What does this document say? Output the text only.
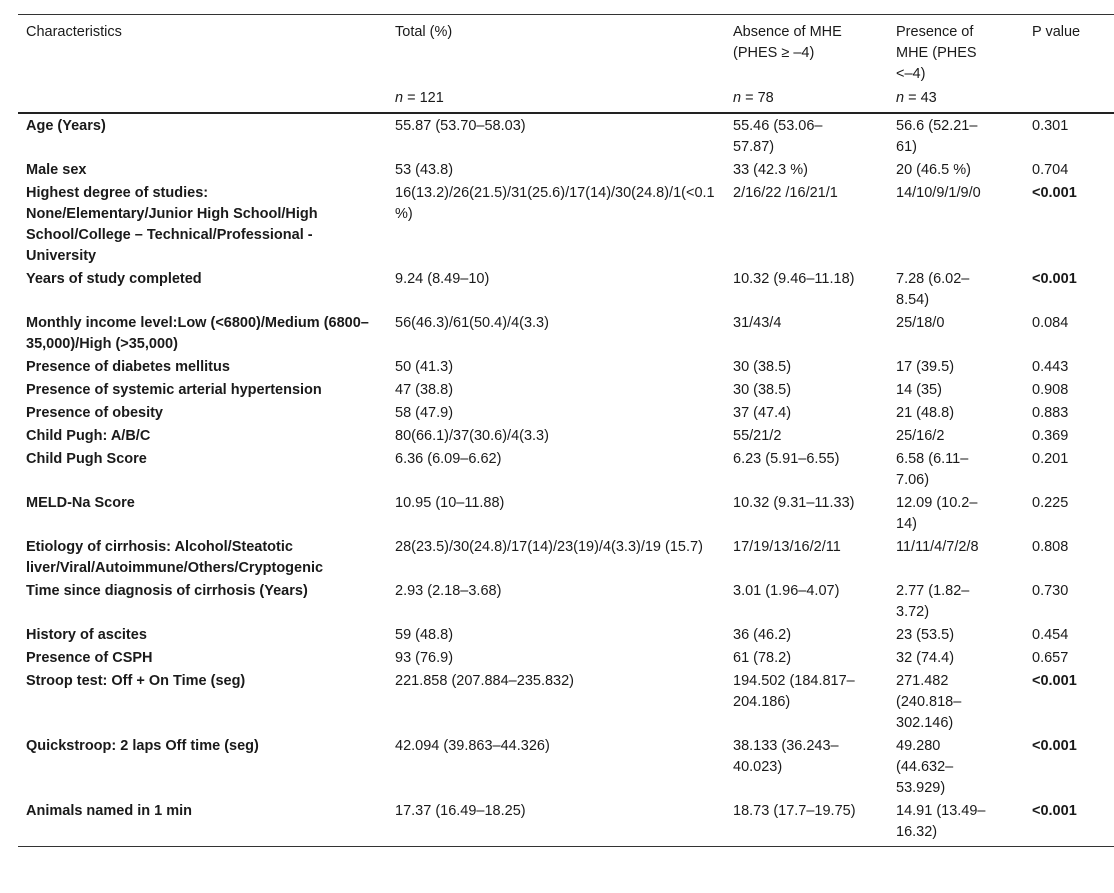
Characteristics	Total (%)	Absence of MHE (PHES ≥ –4)	Presence of MHE (PHES <–4)	P value
	n = 121	n = 78	n = 43	
Age (Years)	55.87 (53.70–58.03)	55.46 (53.06–57.87)	56.6 (52.21–61)	0.301
Male sex	53 (43.8)	33 (42.3 %)	20 (46.5 %)	0.704
Highest degree of studies: None/Elementary/Junior High School/High School/College – Technical/Professional - University	16(13.2)/26(21.5)/31(25.6)/17(14)/30(24.8)/1(<0.1 %)	2/16/22 /16/21/1	14/10/9/1/9/0	<0.001
Years of study completed	9.24 (8.49–10)	10.32 (9.46–11.18)	7.28 (6.02–8.54)	<0.001
Monthly income level:Low (<6800)/Medium (6800–35,000)/High (>35,000)	56(46.3)/61(50.4)/4(3.3)	31/43/4	25/18/0	0.084
Presence of diabetes mellitus	50 (41.3)	30 (38.5)	17 (39.5)	0.443
Presence of systemic arterial hypertension	47 (38.8)	30 (38.5)	14 (35)	0.908
Presence of obesity	58 (47.9)	37 (47.4)	21 (48.8)	0.883
Child Pugh: A/B/C	80(66.1)/37(30.6)/4(3.3)	55/21/2	25/16/2	0.369
Child Pugh Score	6.36 (6.09–6.62)	6.23 (5.91–6.55)	6.58 (6.11–7.06)	0.201
MELD-Na Score	10.95 (10–11.88)	10.32 (9.31–11.33)	12.09 (10.2–14)	0.225
Etiology of cirrhosis: Alcohol/Steatotic liver/Viral/Autoimmune/Others/Cryptogenic	28(23.5)/30(24.8)/17(14)/23(19)/4(3.3)/19 (15.7)	17/19/13/16/2/11	11/11/4/7/2/8	0.808
Time since diagnosis of cirrhosis (Years)	2.93 (2.18–3.68)	3.01 (1.96–4.07)	2.77 (1.82–3.72)	0.730
History of ascites	59 (48.8)	36 (46.2)	23 (53.5)	0.454
Presence of CSPH	93 (76.9)	61 (78.2)	32 (74.4)	0.657
Stroop test: Off + On Time (seg)	221.858 (207.884–235.832)	194.502 (184.817–204.186)	271.482 (240.818–302.146)	<0.001
Quickstroop: 2 laps Off time (seg)	42.094 (39.863–44.326)	38.133 (36.243–40.023)	49.280 (44.632–53.929)	<0.001
Animals named in 1 min	17.37 (16.49–18.25)	18.73 (17.7–19.75)	14.91 (13.49–16.32)	<0.001
